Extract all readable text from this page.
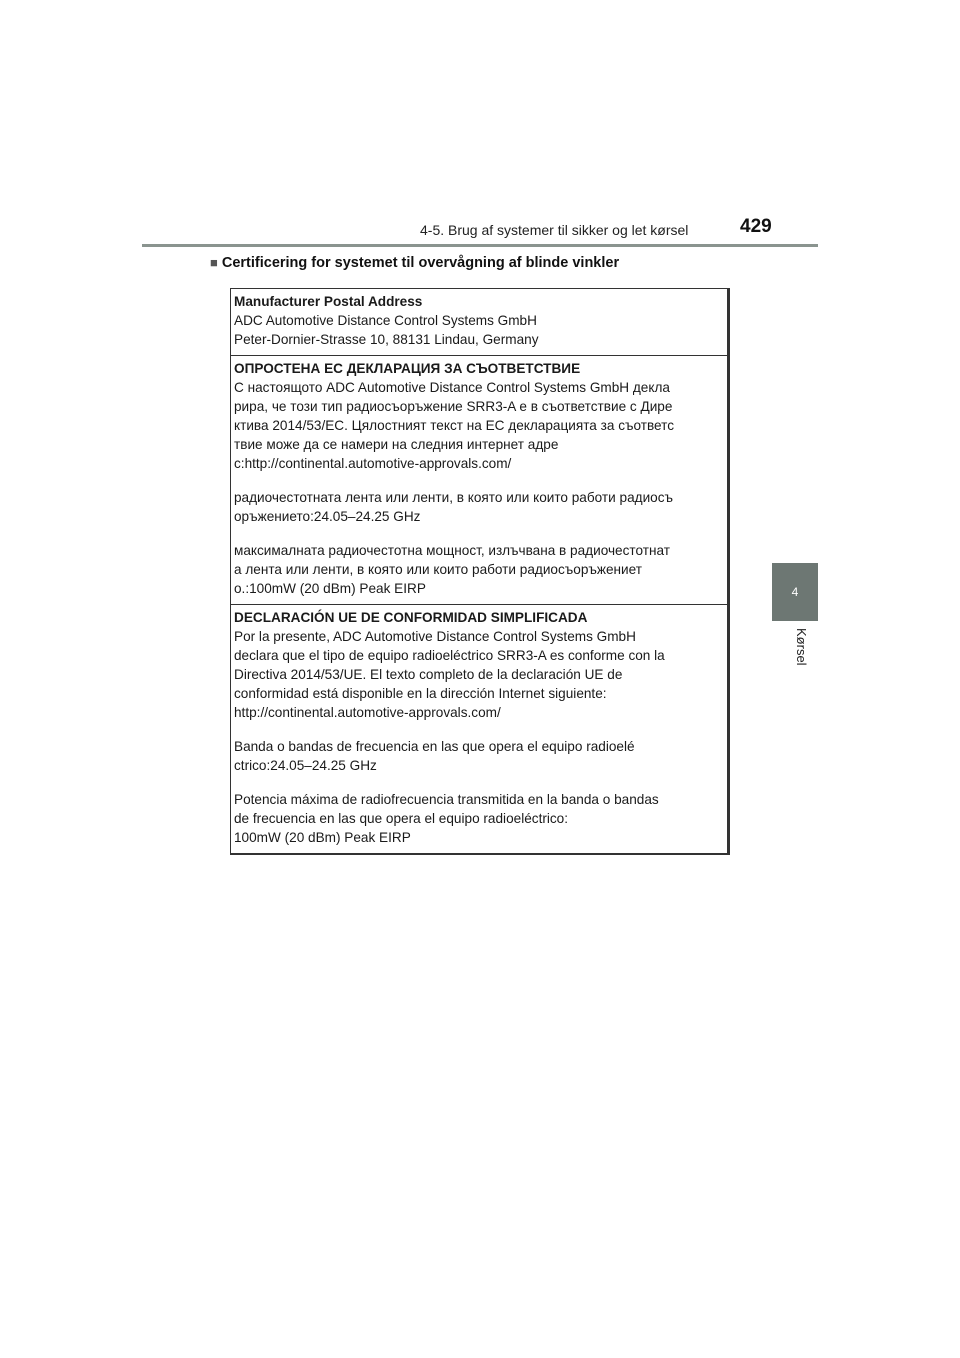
4-5. Brug af systemer til sikker og let kørsel	429
4
Kørsel
■ Certificering for systemet til overvågning af blinde vinkler
Manufacturer Postal Address
ADC Automotive Distance Control Systems GmbH
Peter-Dornier-Strasse 10, 88131 Lindau, Germany
ОПРОСТЕНА ЕС ДЕКЛАРАЦИЯ ЗА СЪОТВЕТСТВИЕ
С настоящото ADC Automotive Distance Control Systems GmbH декла
рира, че този тип радиосъоръжение SRR3-A е в съответствие с Дире
ктива 2014/53/ЕС. Цялостният текст на ЕС декларацията за съответс
твие може да се намери на следния интернет адре
с:http://continental.automotive-approvals.com/
радиочестотната лента или ленти, в която или които работи радиосъ
оръжението:24.05–24.25 GHz
максималната радиочестотна мощност, излъчвана в радиочестотнат
а лента или ленти, в която или които работи радиосъоръжениет
о.:100mW (20 dBm) Peak EIRP
DECLARACIÓN UE DE CONFORMIDAD SIMPLIFICADA
Por la presente, ADC Automotive Distance Control Systems GmbH
declara que el tipo de equipo radioeléctrico SRR3-A es conforme con la
Directiva 2014/53/UE. El texto completo de la declaración UE de
conformidad está disponible en la dirección Internet siguiente:
http://continental.automotive-approvals.com/
Banda o bandas de frecuencia en las que opera el equipo radioelé
ctrico:24.05–24.25 GHz
Potencia máxima de radiofrecuencia transmitida en la banda o bandas
de frecuencia en las que opera el equipo radioeléctrico:
100mW (20 dBm) Peak EIRP
